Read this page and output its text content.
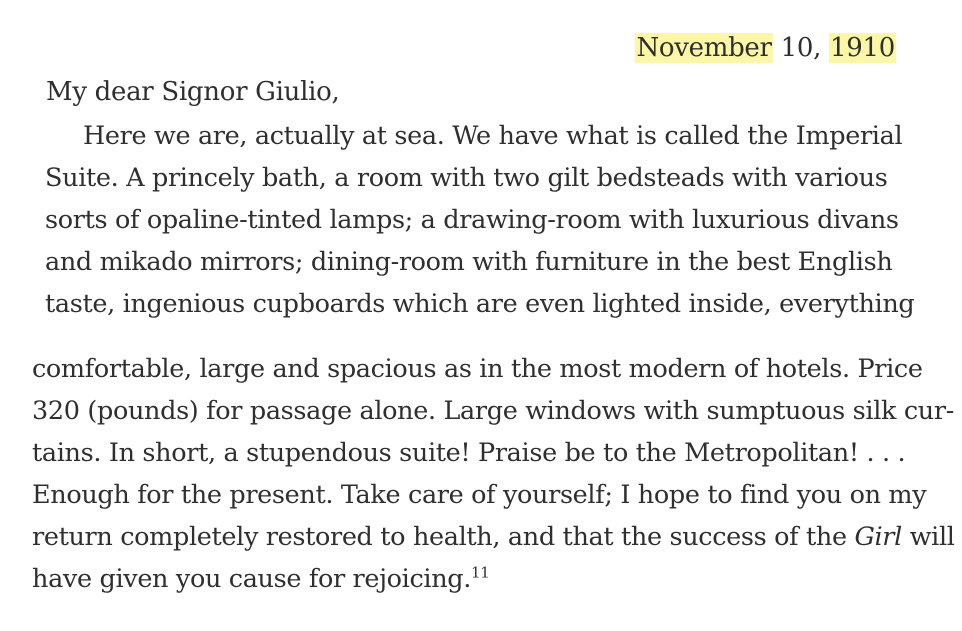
November 10, 1910
My dear Signor Giulio,
Here we are, actually at sea. We have what is called the Imperial
Suite. A princely bath, a room with two gilt bedsteads with various
sorts of opaline-tinted lamps; a drawing-room with luxurious divans
and mikado mirrors; dining-room with furniture in the best English
taste, ingenious cupboards which are even lighted inside, everything
comfortable, large and spacious as in the most modern of hotels. Price
320 (pounds) for passage alone. Large windows with sumptuous silk cur-
tains. In short, a stupendous suite! Praise be to the Metropolitan! . . .
Enough for the present. Take care of yourself; I hope to find you on my
return completely restored to health, and that the success of the Girl will
have given you cause for rejoicing.$^{11}$
